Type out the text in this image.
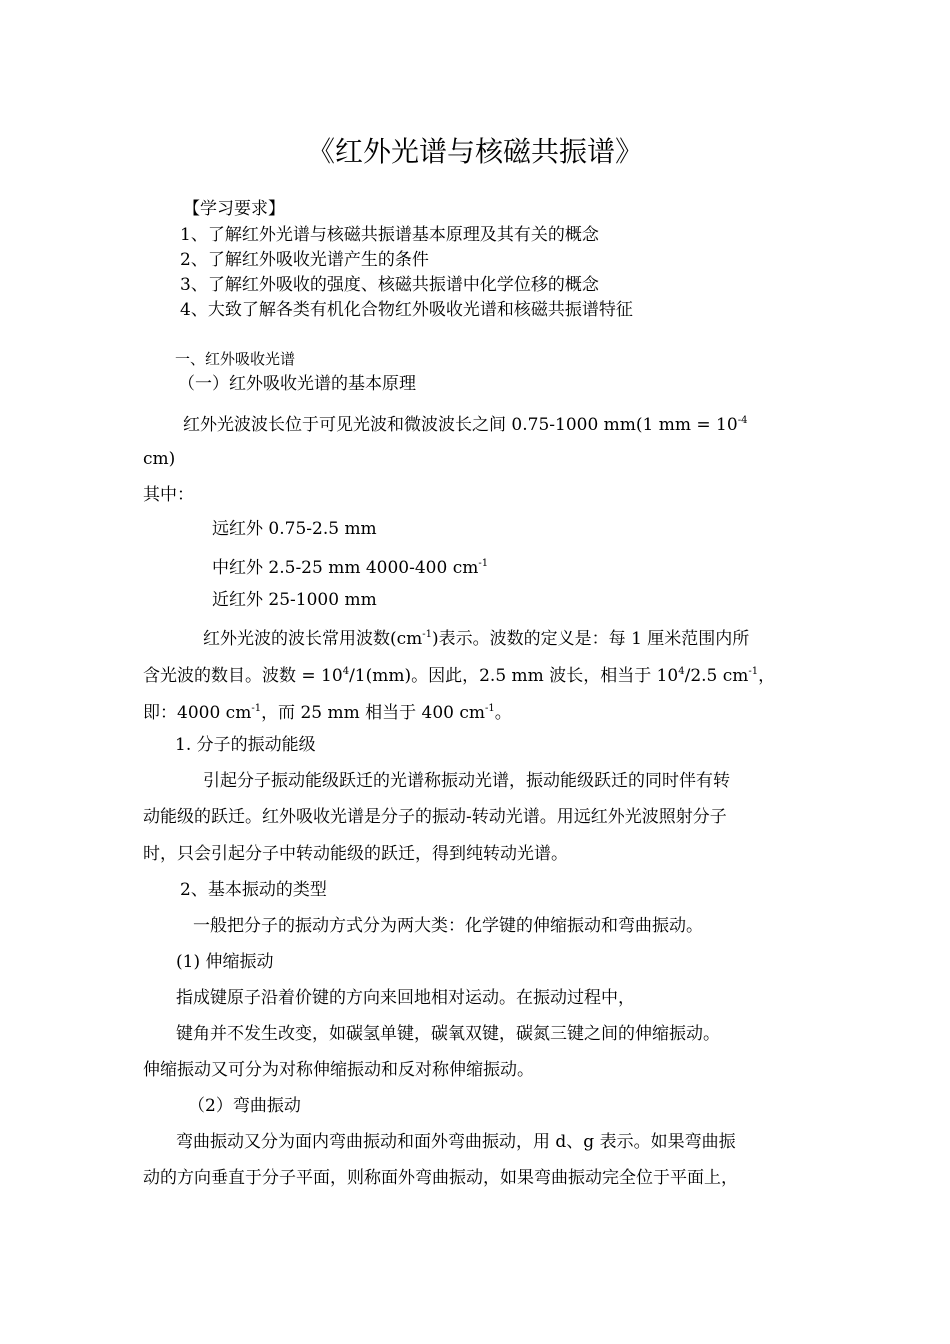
《红外光谱与核磁共振谱》
【学习要求】
1、了解红外光谱与核磁共振谱基本原理及其有关的概念
2、了解红外吸收光谱产生的条件
3、了解红外吸收的强度、核磁共振谱中化学位移的概念
4、大致了解各类有机化合物红外吸收光谱和核磁共振谱特征
一、红外吸收光谱
（一）红外吸收光谱的基本原理
红外光波波长位于可见光波和微波波长之间 0.75-1000 mm(1 mm = $10^{-4}$
cm)
其中：
远红外 0.75-2.5 mm
中红外 2.5-25 mm 4000-400 $cm^{-1}$
近红外 25-1000 mm
红外光波的波长常用波数$(cm^{-1})$表示。波数的定义是：每 1 厘米范围内所
含光波的数目。波数 = $10^4/1(mm)$。因此，2.5 mm 波长，相当于 $10^4/2.5$ $cm^{-1}$，
即：4000 $cm^{-1}$，而 25 mm 相当于 400 $cm^{-1}$。
1. 分子的振动能级
引起分子振动能级跃迁的光谱称振动光谱，振动能级跃迁的同时伴有转
动能级的跃迁。红外吸收光谱是分子的振动-转动光谱。用远红外光波照射分子
时，只会引起分子中转动能级的跃迁，得到纯转动光谱。
2、基本振动的类型
一般把分子的振动方式分为两大类：化学键的伸缩振动和弯曲振动。
(1) 伸缩振动
指成键原子沿着价键的方向来回地相对运动。在振动过程中，
键角并不发生改变，如碳氢单键，碳氧双键，碳氮三键之间的伸缩振动。
伸缩振动又可分为对称伸缩振动和反对称伸缩振动。
（2）弯曲振动
弯曲振动又分为面内弯曲振动和面外弯曲振动，用 d、g 表示。如果弯曲振
动的方向垂直于分子平面，则称面外弯曲振动，如果弯曲振动完全位于平面上，
